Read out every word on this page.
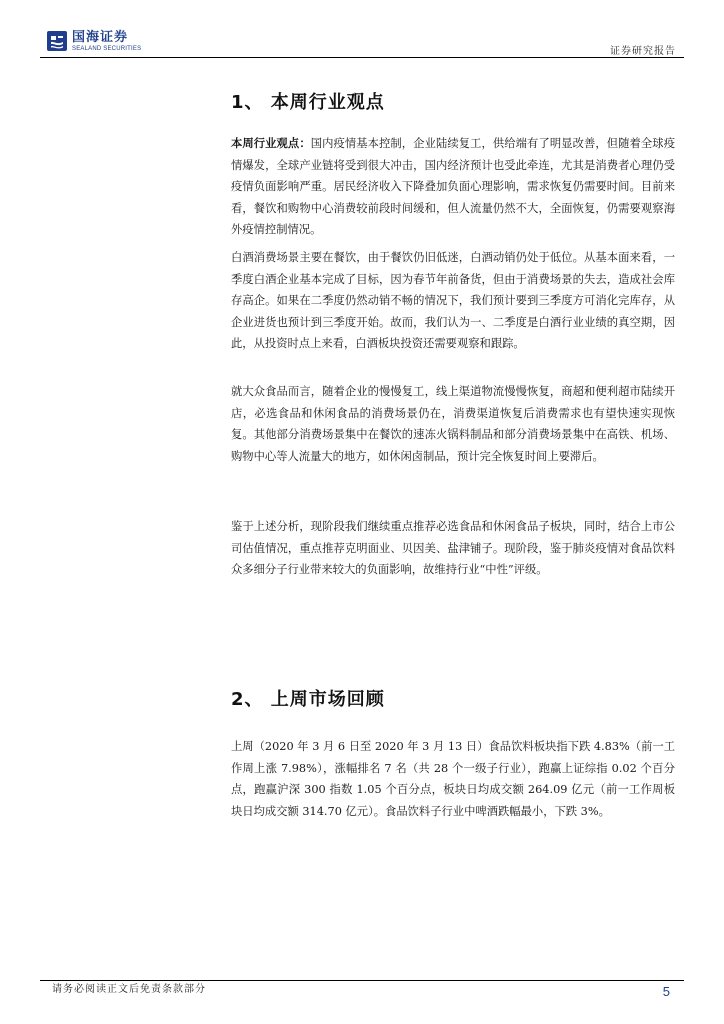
国海证券
SEALAND SECURITIES	证券研究报告
1、 本周行业观点

本周行业观点：国内疫情基本控制，企业陆续复工，供给端有了明显改善，但随着全球疫情爆发，全球产业链将受到很大冲击，国内经济预计也受此牵连，尤其是消费者心理仍受疫情负面影响严重。居民经济收入下降叠加负面心理影响，需求恢复仍需要时间。目前来看，餐饮和购物中心消费较前段时间缓和，但人流量仍然不大，全面恢复，仍需要观察海外疫情控制情况。

白酒消费场景主要在餐饮，由于餐饮仍旧低迷，白酒动销仍处于低位。从基本面来看，一季度白酒企业基本完成了目标，因为春节年前备货，但由于消费场景的失去，造成社会库存高企。如果在二季度仍然动销不畅的情况下，我们预计要到三季度方可消化完库存，从企业进货也预计到三季度开始。故而，我们认为一、二季度是白酒行业业绩的真空期，因此，从投资时点上来看，白酒板块投资还需要观察和跟踪。

就大众食品而言，随着企业的慢慢复工，线上渠道物流慢慢恢复，商超和便利超市陆续开店，必选食品和休闲食品的消费场景仍在，消费渠道恢复后消费需求也有望快速实现恢复。其他部分消费场景集中在餐饮的速冻火锅料制品和部分消费场景集中在高铁、机场、购物中心等人流量大的地方，如休闲卤制品，预计完全恢复时间上要滞后。

鉴于上述分析，现阶段我们继续重点推荐必选食品和休闲食品子板块，同时，结合上市公司估值情况，重点推荐克明面业、贝因美、盐津铺子。现阶段，鉴于肺炎疫情对食品饮料众多细分子行业带来较大的负面影响，故维持行业“中性”评级。

2、 上周市场回顾

上周（2020 年 3 月 6 日至 2020 年 3 月 13 日）食品饮料板块指下跌 4.83%（前一工作周上涨 7.98%），涨幅排名 7 名（共 28 个一级子行业），跑赢上证综指 0.02 个百分点，跑赢沪深 300 指数 1.05 个百分点，板块日均成交额 264.09 亿元（前一工作周板块日均成交额 314.70 亿元）。食品饮料子行业中啤酒跌幅最小，下跌 3%。

请务必阅读正文后免责条款部分	5
